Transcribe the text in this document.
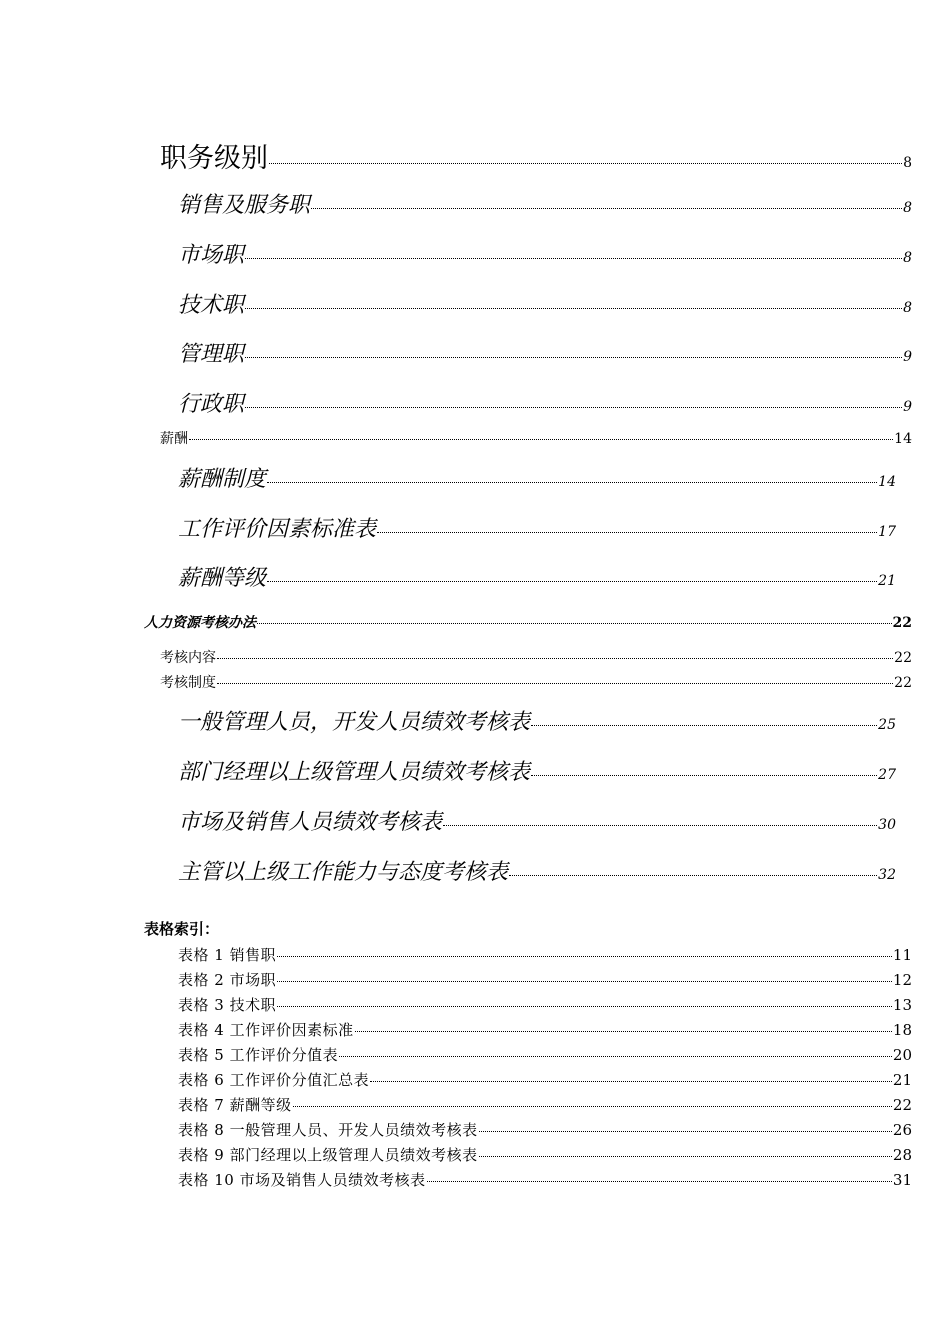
职务级别	8
销售及服务职	8
市场职	8
技术职	8
管理职	9
行政职	9
薪酬	14
薪酬制度	14
工作评价因素标准表	17
薪酬等级	21
人力资源考核办法	22
考核内容	22
考核制度	22
一般管理人员，开发人员绩效考核表	25
部门经理以上级管理人员绩效考核表	27
市场及销售人员绩效考核表	30
主管以上级工作能力与态度考核表	32
表格索引：
表格 1 销售职	11
表格 2 市场职	12
表格 3 技术职	13
表格 4 工作评价因素标准	18
表格 5 工作评价分值表	20
表格 6 工作评价分值汇总表	21
表格 7 薪酬等级	22
表格 8 一般管理人员、开发人员绩效考核表	26
表格 9 部门经理以上级管理人员绩效考核表	28
表格 10 市场及销售人员绩效考核表	31
